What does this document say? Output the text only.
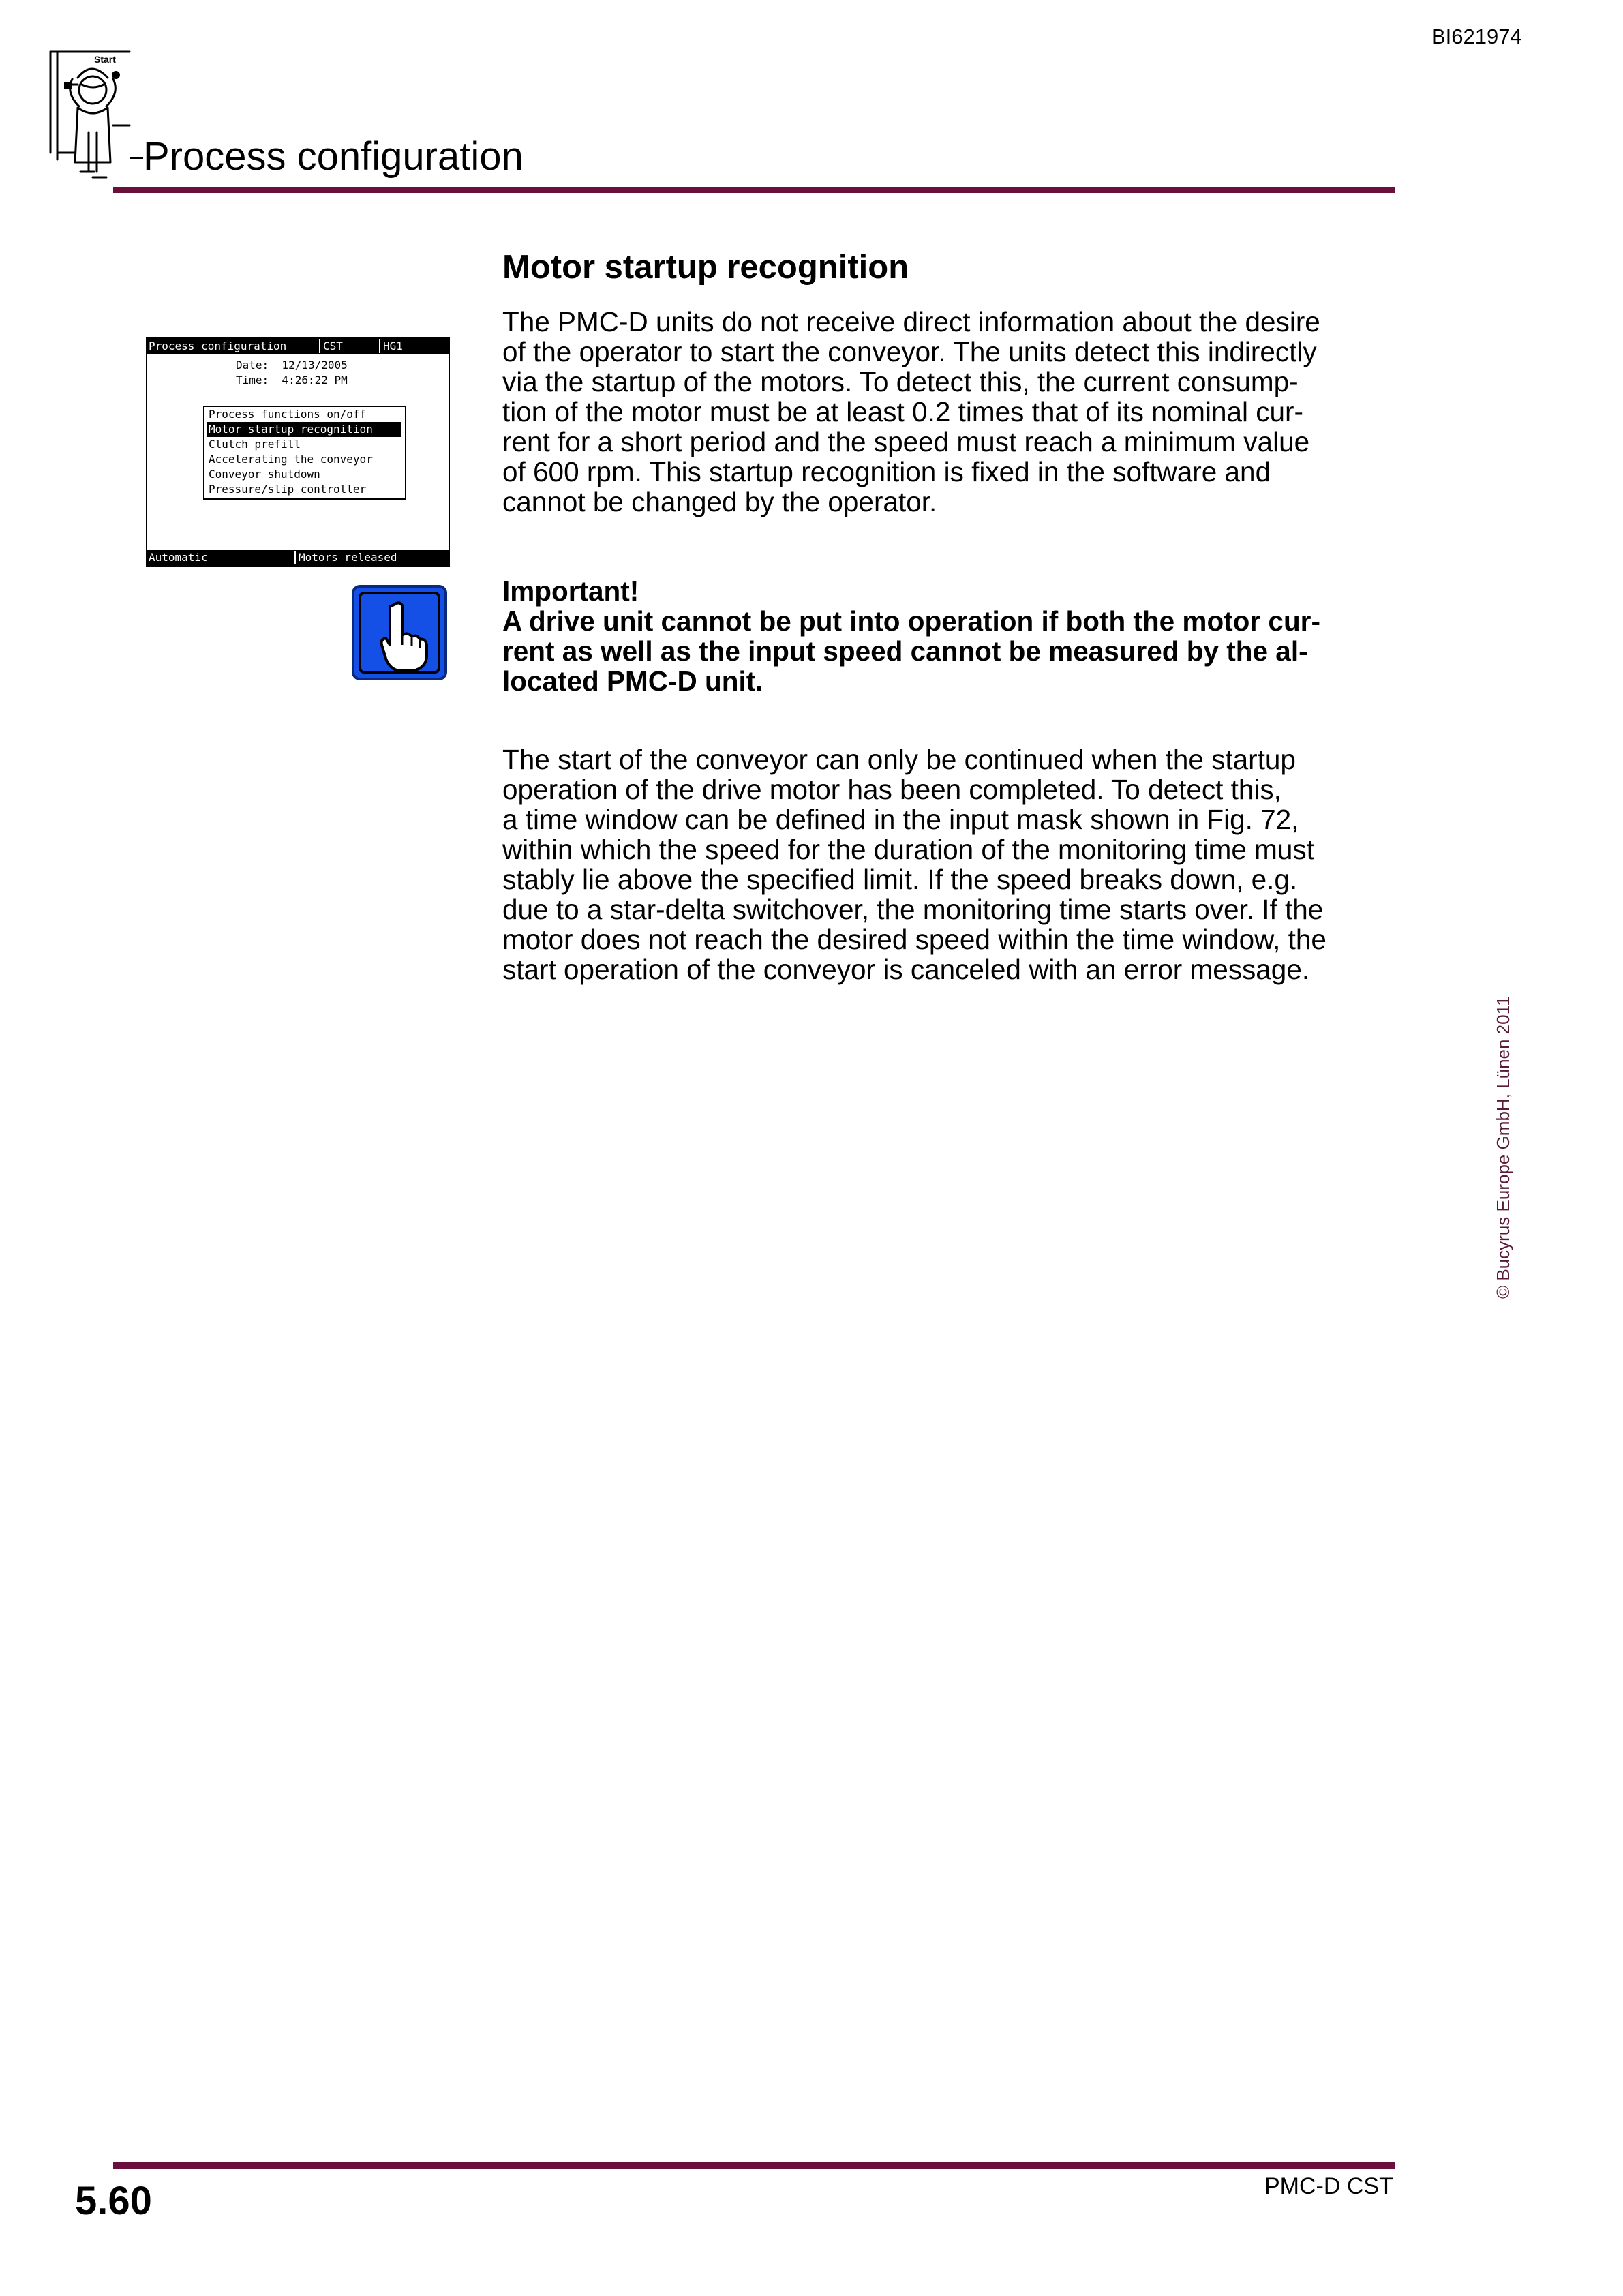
BI621974
Start
Process configuration

Process configuration

	CST

	HG1

Date:  12/13/2005
Time:  4:26:22 PM
Process functions on/off
Motor startup recognition
Clutch prefill
Accelerating the conveyor
Conveyor shutdown
Pressure/slip controller

Automatic

	Motors released

Motor startup recognition
The PMC-D units do not receive direct information about the desire
of the operator to start the conveyor. The units detect this indirectly
via the startup of the motors. To detect this, the current consump-
tion of the motor must be at least 0.2 times that of its nominal cur-
rent for a short period and the speed must reach a minimum value
of 600 rpm. This startup recognition is fixed in the software and
cannot be changed by the operator.
Important!
A drive unit cannot be put into operation if both the motor cur-
rent as well as the input speed cannot be measured by the al-
located PMC-D unit.
The start of the conveyor can only be continued when the startup
operation of the drive motor has been completed. To detect this,
a time window can be defined in the input mask shown in Fig. 72,
within which the speed for the duration of the monitoring time must
stably lie above the specified limit. If the speed breaks down, e.g.
due to a star-delta switchover, the monitoring time starts over. If the
motor does not reach the desired speed within the time window, the
start operation of the conveyor is canceled with an error message.
© Bucyrus Europe GmbH, Lünen 2011
5.60	PMC-D CST
